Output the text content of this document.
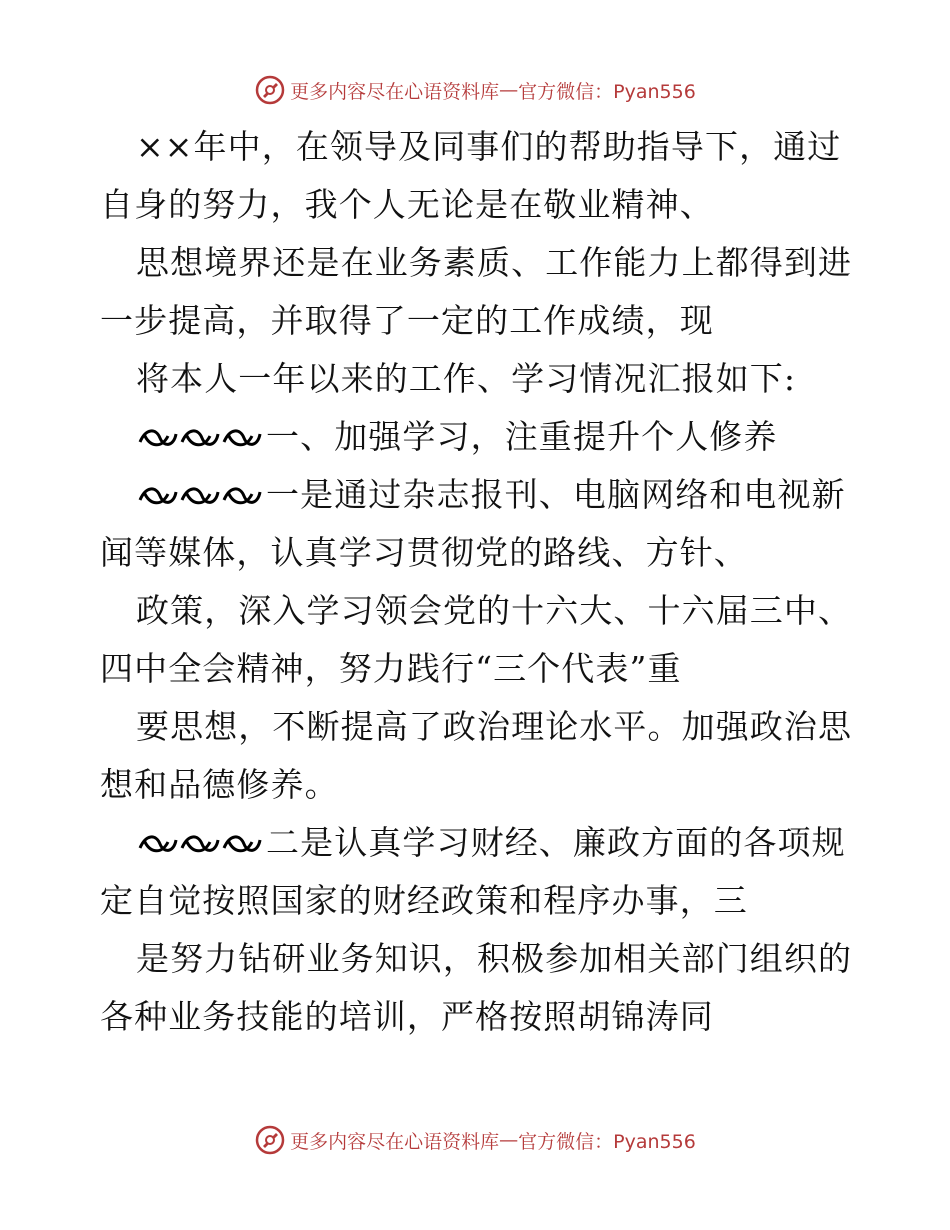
更多内容尽在心语资料库 — 官方微信：Pyan556
××年中，在领导及同事们的帮助指导下，通过
自身的努力，我个人无论是在敬业精神、
思想境界还是在业务素质、工作能力上都得到进
一步提高，并取得了一定的工作成绩，现
将本人一年以来的工作、学习情况汇报如下:
一、加强学习，注重提升个人修养
一是通过杂志报刊、电脑网络和电视新
闻等媒体，认真学习贯彻党的路线、方针、
政策，深入学习领会党的十六大、十六届三中、
四中全会精神，努力践行“三个代表”重
要思想，不断提高了政治理论水平。加强政治思
想和品德修养。
二是认真学习财经、廉政方面的各项规
定自觉按照国家的财经政策和程序办事，三
是努力钻研业务知识，积极参加相关部门组织的
各种业务技能的培训，严格按照胡锦涛同
更多内容尽在心语资料库 — 官方微信：Pyan556
